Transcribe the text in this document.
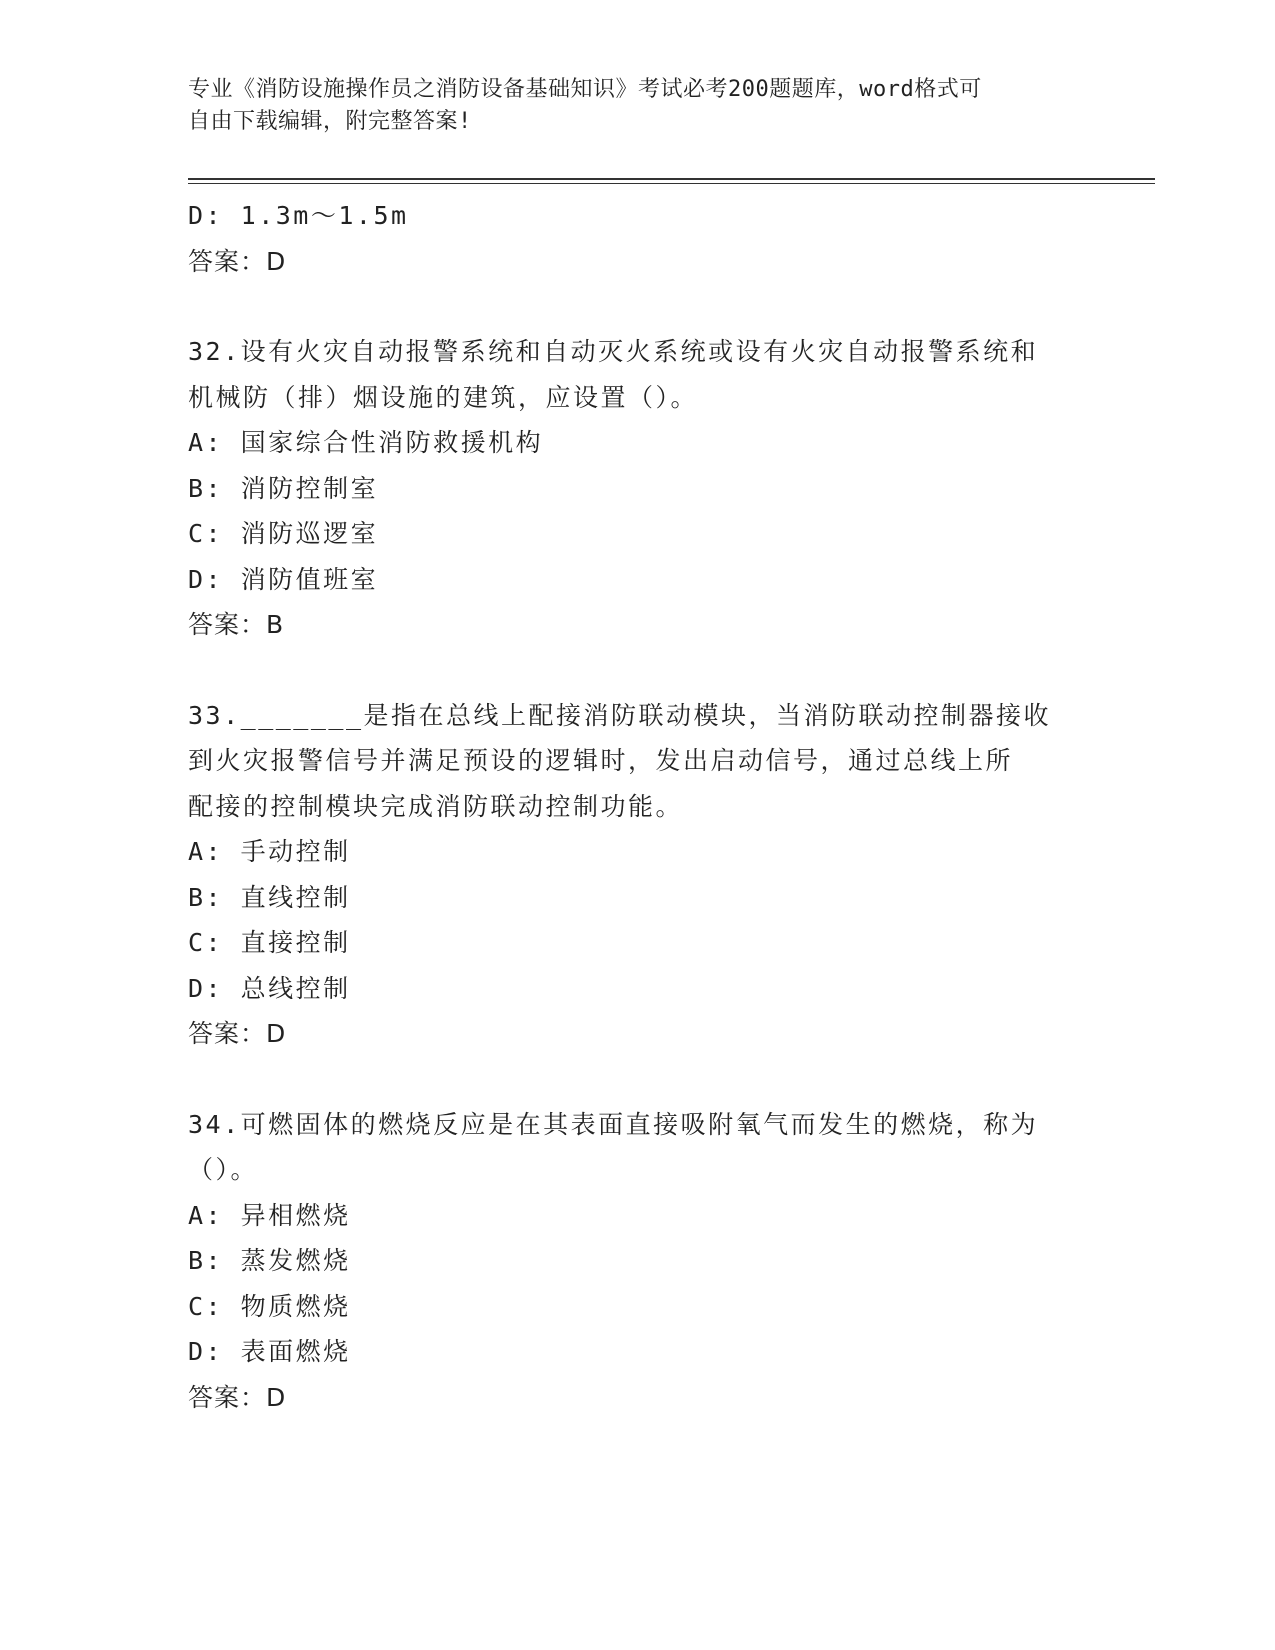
专业《消防设施操作员之消防设备基础知识》考试必考200题题库，word格式可
自由下载编辑，附完整答案!
D: 1.3m～1.5m
答案：D
32.设有火灾自动报警系统和自动灭火系统或设有火灾自动报警系统和
机械防（排）烟设施的建筑，应设置（）。
A: 国家综合性消防救援机构
B: 消防控制室
C: 消防巡逻室
D: 消防值班室
答案：B
33._______是指在总线上配接消防联动模块，当消防联动控制器接收
到火灾报警信号并满足预设的逻辑时，发出启动信号，通过总线上所
配接的控制模块完成消防联动控制功能。
A: 手动控制
B: 直线控制
C: 直接控制
D: 总线控制
答案：D
34.可燃固体的燃烧反应是在其表面直接吸附氧气而发生的燃烧，称为
（）。
A: 异相燃烧
B: 蒸发燃烧
C: 物质燃烧
D: 表面燃烧
答案：D
